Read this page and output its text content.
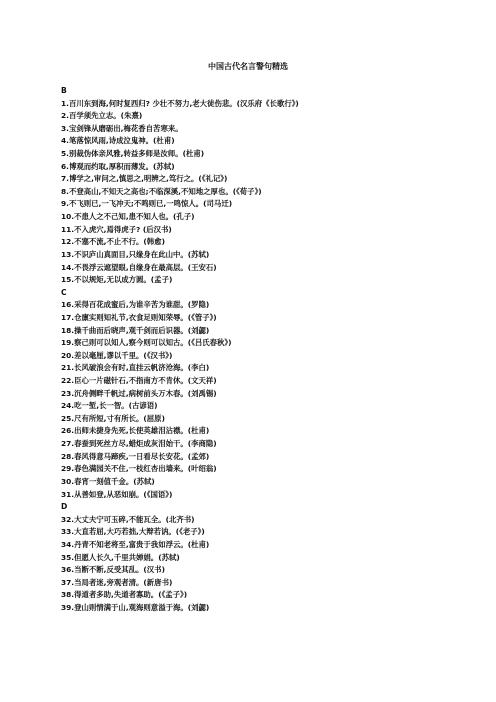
中国古代名言警句精选
B
1.百川东到海,何时复西归? 少壮不努力,老大徒伤悲。(汉乐府《长歌行》)
2.百学须先立志。(朱熹)
3.宝剑锋从磨砺出,梅花香自苦寒来。
4.笔落惊风雨,诗成泣鬼神。(杜甫)
5.别裁伪体亲风雅,转益多师是汝师。(杜甫)
6.博观而约取,厚积而薄发。(苏轼)
7.博学之,审问之,慎思之,明辨之,笃行之。(《礼记》)
8.不登高山,不知天之高也;不临深溪,不知地之厚也。(《荀子》)
9.不飞则已,一飞冲天;不鸣则已,一鸣惊人。(司马迁)
10.不患人之不己知,患不知人也。(孔子)
11.不入虎穴,焉得虎子? (后汉书)
12.不塞不流,不止不行。(韩愈)
13.不识庐山真面目,只缘身在此山中。(苏轼)
14.不畏浮云遮望眼,自缘身在最高层。(王安石)
15.不以规矩,无以成方圆。(孟子)
C
16.采得百花成蜜后,为谁辛苦为谁甜。(罗隐)
17.仓廪实则知礼节,衣食足则知荣辱。(《管子》)
18.操千曲而后晓声,观千剑而后识器。(刘勰)
19.察己则可以知人,察今则可以知古。(《吕氏春秋》)
20.差以毫厘,谬以千里。(《汉书》)
21.长风破浪会有时,直挂云帆济沧海。(李白)
22.臣心一片磁针石,不指南方不肯休。(文天祥)
23.沉舟侧畔千帆过,病树前头万木春。(刘禹锡)
24.吃一堑,长一智。(古谚语)
25.尺有所短,寸有所长。(屈原)
26.出师未捷身先死,长使英雄泪沾襟。(杜甫)
27.春蚕到死丝方尽,蜡炬成灰泪始干。(李商隐)
28.春风得意马蹄疾,一日看尽长安花。(孟郊)
29.春色满园关不住,一枝红杏出墙来。(叶绍翁)
30.春宵一刻值千金。(苏轼)
31.从善如登,从恶如崩。(《国语》)
D
32.大丈夫宁可玉碎,不能瓦全。(北齐书)
33.大直若屈,大巧若拙,大辩若讷。(《老子》)
34.丹青不知老将至,富贵于我如浮云。(杜甫)
35.但愿人长久,千里共婵娟。(苏轼)
36.当断不断,反受其乱。(汉书)
37.当局者迷,旁观者清。(新唐书)
38.得道者多助,失道者寡助。(《孟子》)
39.登山则情满于山,观海则意溢于海。(刘勰)
